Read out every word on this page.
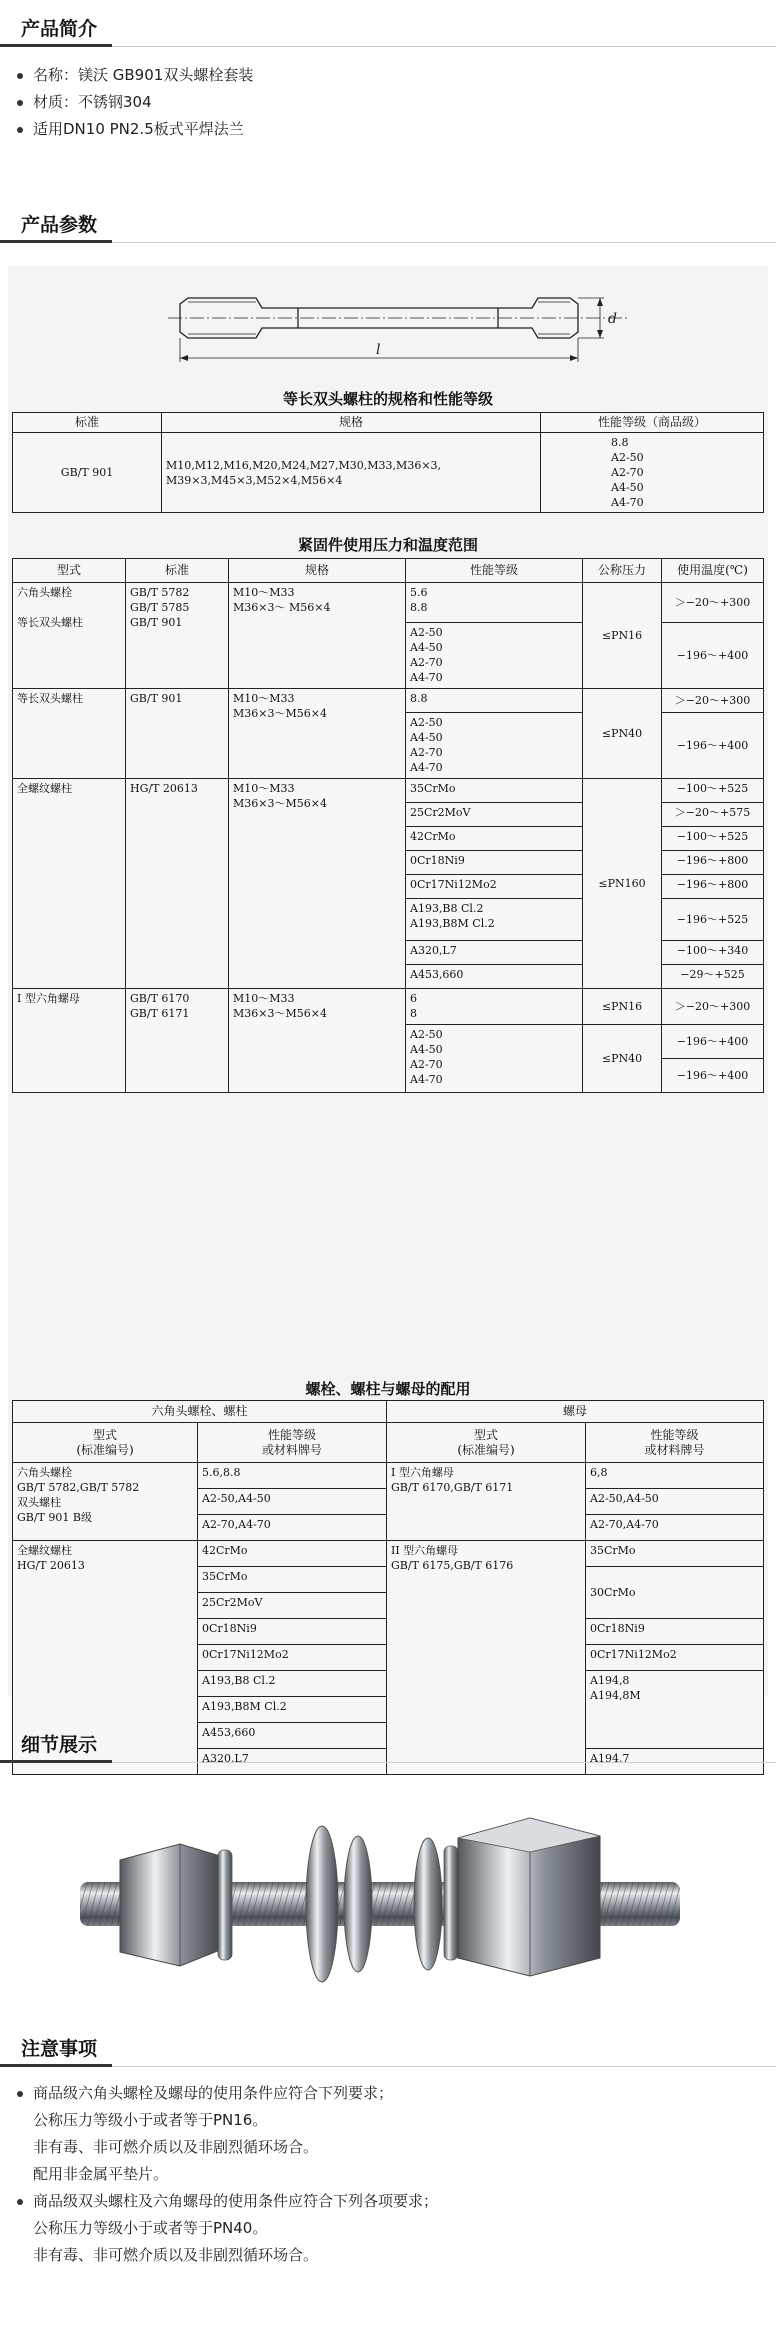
产品简介
名称：镁沃 GB901双头螺栓套装
材质：不锈钢304
适用DN10 PN2.5板式平焊法兰
产品参数
d
l
等长双头螺柱的规格和性能等级
标准	规格	性能等级（商品级）
GB/T 901	M10,M12,M16,M20,M24,M27,M30,M33,M36×3,
M39×3,M45×3,M52×4,M56×4	8.8
A2-50
A2-70
A4-50
A4-70
紧固件使用压力和温度范围
型式	标准	规格	性能等级	公称压力	使用温度(℃)
六角头螺栓

等长双头螺柱	GB/T 5782
GB/T 5785
GB/T 901	M10～M33
M36×3～ M56×4	5.6
8.8	≤PN16	＞−20～+300
			A2-50
A4-50
A2-70
A4-70		−196～+400
等长双头螺柱	GB/T 901	M10～M33
M36×3～M56×4	8.8	≤PN40	＞−20～+300
			A2-50
A4-50
A2-70
A4-70		−196～+400
全螺纹螺柱	HG/T 20613	M10～M33
M36×3～M56×4	35CrMo	≤PN160	−100～+525
			25Cr2MoV		＞−20～+575
			42CrMo		−100～+525
			0Cr18Ni9		−196～+800
			0Cr17Ni12Mo2		−196～+800
			A193,B8 Cl.2
A193,B8M Cl.2		−196～+525
			A320,L7		−100～+340
			A453,660		−29～+525
I 型六角螺母	GB/T 6170
GB/T 6171	M10～M33
M36×3～M56×4	6
8	≤PN16	＞−20～+300
			A2-50
A4-50
A2-70
A4-70	≤PN40	−196～+400
					−196～+400
螺栓、螺柱与螺母的配用
六角头螺栓、螺柱		螺母	
型式
(标准编号)	性能等级
或材料牌号	型式
(标准编号)	性能等级
或材料牌号
六角头螺栓
GB/T 5782,GB/T 5782
双头螺柱
GB/T 901 B级	5.6,8.8	I 型六角螺母
GB/T 6170,GB/T 6171	6,8
	A2-50,A4-50		A2-50,A4-50
	A2-70,A4-70		A2-70,A4-70
全螺纹螺柱
HG/T 20613	42CrMo	II 型六角螺母
GB/T 6175,GB/T 6176	35CrMo
	35CrMo		30CrMo
	25Cr2MoV		
	0Cr18Ni9		0Cr18Ni9
	0Cr17Ni12Mo2		0Cr17Ni12Mo2
	A193,B8 Cl.2		A194,8
A194,8M
	A193,B8M Cl.2		
	A453,660		
	A320,L7		A194,7
细节展示
注意事项
商品级六角头螺栓及螺母的使用条件应符合下列要求；
公称压力等级小于或者等于PN16。
非有毒、非可燃介质以及非剧烈循环场合。
配用非金属平垫片。
商品级双头螺柱及六角螺母的使用条件应符合下列各项要求；
公称压力等级小于或者等于PN40。
非有毒、非可燃介质以及非剧烈循环场合。
